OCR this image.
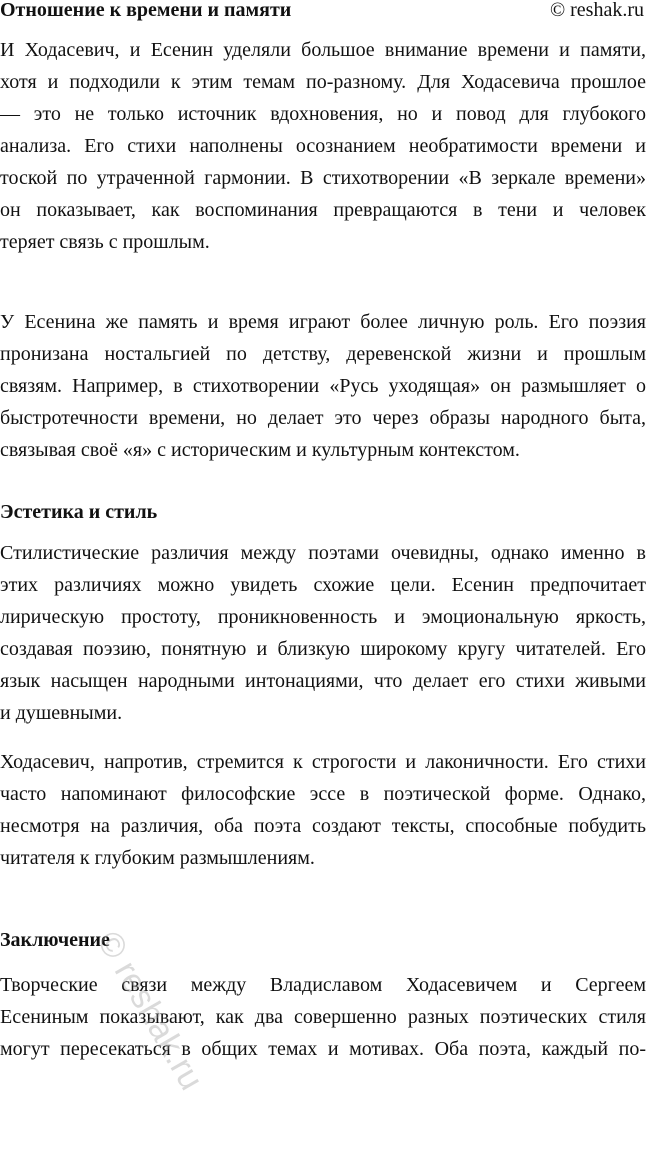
© reshak.ru
Отношение к времени и памяти
И Ходасевич, и Есенин уделяли большое внимание времени и памяти,
хотя и подходили к этим темам по-разному. Для Ходасевича прошлое
— это не только источник вдохновения, но и повод для глубокого
анализа. Его стихи наполнены осознанием необратимости времени и
тоской по утраченной гармонии. В стихотворении «В зеркале времени»
он показывает, как воспоминания превращаются в тени и человек
теряет связь с прошлым.
У Есенина же память и время играют более личную роль. Его поэзия
пронизана ностальгией по детству, деревенской жизни и прошлым
связям. Например, в стихотворении «Русь уходящая» он размышляет о
быстротечности времени, но делает это через образы народного быта,
связывая своё «я» с историческим и культурным контекстом.
Эстетика и стиль
Стилистические различия между поэтами очевидны, однако именно в
этих различиях можно увидеть схожие цели. Есенин предпочитает
лирическую простоту, проникновенность и эмоциональную яркость,
создавая поэзию, понятную и близкую широкому кругу читателей. Его
язык насыщен народными интонациями, что делает его стихи живыми
и душевными.
Ходасевич, напротив, стремится к строгости и лаконичности. Его стихи
часто напоминают философские эссе в поэтической форме. Однако,
несмотря на различия, оба поэта создают тексты, способные побудить
читателя к глубоким размышлениям.
Заключение
Творческие связи между Владиславом Ходасевичем и Сергеем
Есениным показывают, как два совершенно разных поэтических стиля
могут пересекаться в общих темах и мотивах. Оба поэта, каждый по-
© reshak.ru
